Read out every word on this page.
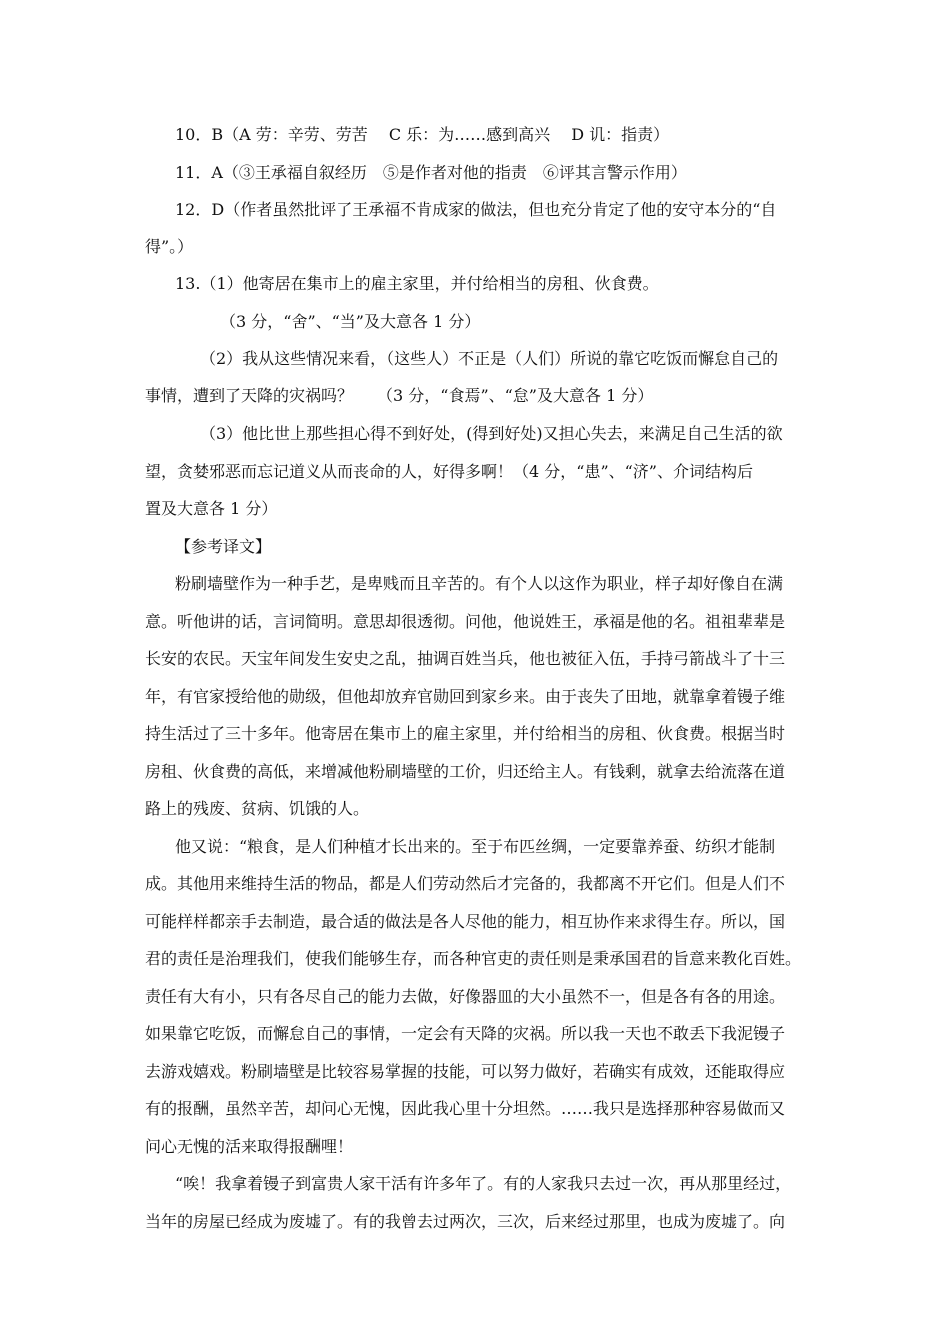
10．B（A 劳：辛劳、劳苦　 C 乐：为……感到高兴　 D 讥：指责）
11．A（③王承福自叙经历　⑤是作者对他的指责　⑥评其言警示作用）
12．D（作者虽然批评了王承福不肯成家的做法，但也充分肯定了他的安守本分的“自
得”。）
13.（1）他寄居在集市上的雇主家里，并付给相当的房租、伙食费。
（3 分，“舍”、“当”及大意各 1 分）
（2）我从这些情况来看，（这些人）不正是（人们）所说的靠它吃饭而懈怠自己的
事情，遭到了天降的灾祸吗？　　（3 分，“食焉”、“怠”及大意各 1 分）
（3）他比世上那些担心得不到好处，(得到好处)又担心失去，来满足自己生活的欲
望，贪婪邪恶而忘记道义从而丧命的人，好得多啊！（4 分，“患”、“济”、介词结构后
置及大意各 1 分）
【参考译文】
粉刷墙壁作为一种手艺，是卑贱而且辛苦的。有个人以这作为职业，样子却好像自在满
意。听他讲的话，言词简明。意思却很透彻。问他，他说姓王，承福是他的名。祖祖辈辈是
长安的农民。天宝年间发生安史之乱，抽调百姓当兵，他也被征入伍，手持弓箭战斗了十三
年，有官家授给他的勋级，但他却放弃官勋回到家乡来。由于丧失了田地，就靠拿着镘子维
持生活过了三十多年。他寄居在集市上的雇主家里，并付给相当的房租、伙食费。根据当时
房租、伙食费的高低，来增减他粉刷墙壁的工价，归还给主人。有钱剩，就拿去给流落在道
路上的残废、贫病、饥饿的人。
他又说：“粮食，是人们种植才长出来的。至于布匹丝绸，一定要靠养蚕、纺织才能制
成。其他用来维持生活的物品，都是人们劳动然后才完备的，我都离不开它们。但是人们不
可能样样都亲手去制造，最合适的做法是各人尽他的能力，相互协作来求得生存。所以，国
君的责任是治理我们，使我们能够生存，而各种官吏的责任则是秉承国君的旨意来教化百姓。
责任有大有小，只有各尽自己的能力去做，好像器皿的大小虽然不一，但是各有各的用途。
如果靠它吃饭，而懈怠自己的事情，一定会有天降的灾祸。所以我一天也不敢丢下我泥镘子
去游戏嬉戏。粉刷墙壁是比较容易掌握的技能，可以努力做好，若确实有成效，还能取得应
有的报酬，虽然辛苦，却问心无愧，因此我心里十分坦然。……我只是选择那种容易做而又
问心无愧的活来取得报酬哩！
“唉！我拿着镘子到富贵人家干活有许多年了。有的人家我只去过一次，再从那里经过，
当年的房屋已经成为废墟了。有的我曾去过两次，三次，后来经过那里，也成为废墟了。向
